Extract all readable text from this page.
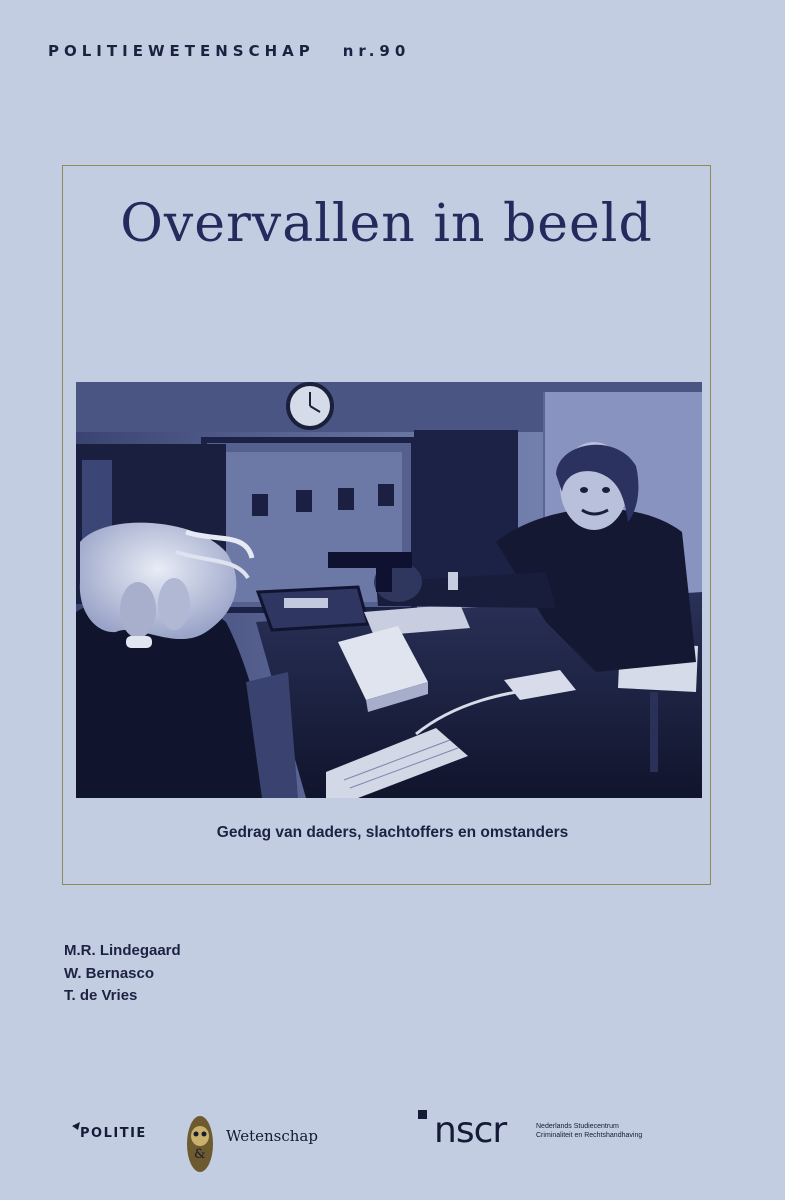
POLITIEWETENSCHAP nr.90
Overvallen in beeld
Gedrag van daders, slachtoffers en omstanders
M.R. Lindegaard
W. Bernasco
T. de Vries
&
POLITIE	Wetenschap	nscr	Nederlands Studiecentrum
Criminaliteit en Rechtshandhaving
